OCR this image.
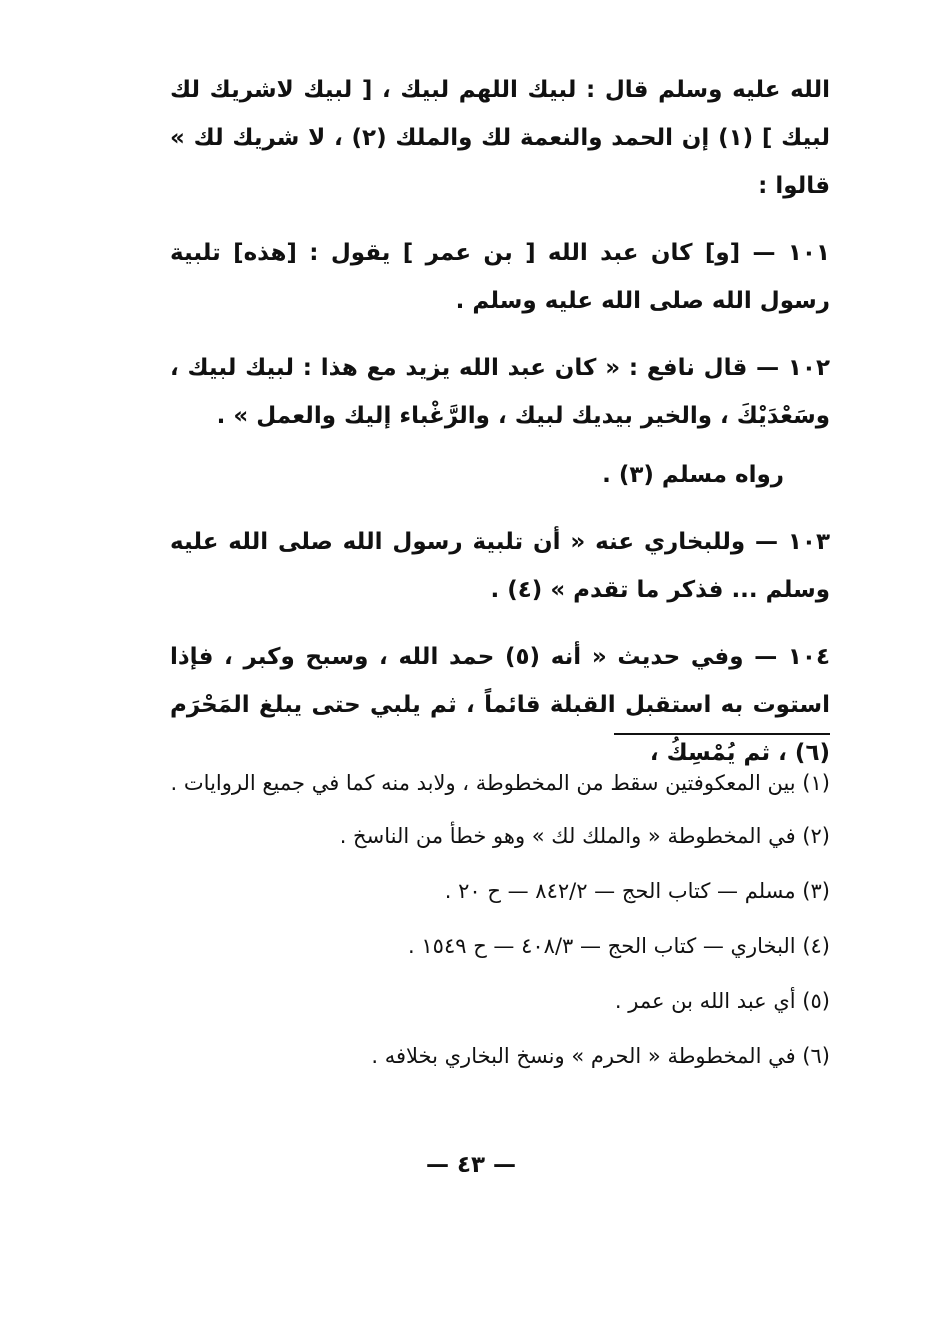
الله عليه وسلم قال : لبيك اللهم لبيك ، [ لبيك لاشريك لك لبيك ] (١) إن الحمد والنعمة لك والملك (٢) ، لا شريك لك » قالوا :

١٠١ — [و] كان عبد الله [ بن عمر ] يقول : [هذه] تلبية رسول الله صلى الله عليه وسلم .

١٠٢ — قال نافع : « كان عبد الله يزيد مع هذا : لبيك لبيك ، وسَعْدَيْكَ ، والخير بيديك لبيك ، والرَّغْباء إليك والعمل » .

رواه مسلم (٣) .

١٠٣ — وللبخاري عنه « أن تلبية رسول الله صلى الله عليه وسلم ... فذكر ما تقدم » (٤) .

١٠٤ — وفي حديث « أنه (٥) حمد الله ، وسبح وكبر ، فإذا استوت به استقبل القبلة قائماً ، ثم يلبي حتى يبلغ المَحْرَم (٦) ، ثم يُمْسِكُ ،

(١) بين المعكوفتين سقط من المخطوطة ، ولابد منه كما في جميع الروايات .

(٢) في المخطوطة « والملك لك » وهو خطأ من الناسخ .

(٣) مسلم — كتاب الحج — ٨٤٢/٢ — ح ٢٠ .

(٤) البخاري — كتاب الحج — ٤٠٨/٣ — ح ١٥٤٩ .

(٥) أي عبد الله بن عمر .

(٦) في المخطوطة « الحرم » ونسخ البخاري بخلافه .

— ٤٣ —
